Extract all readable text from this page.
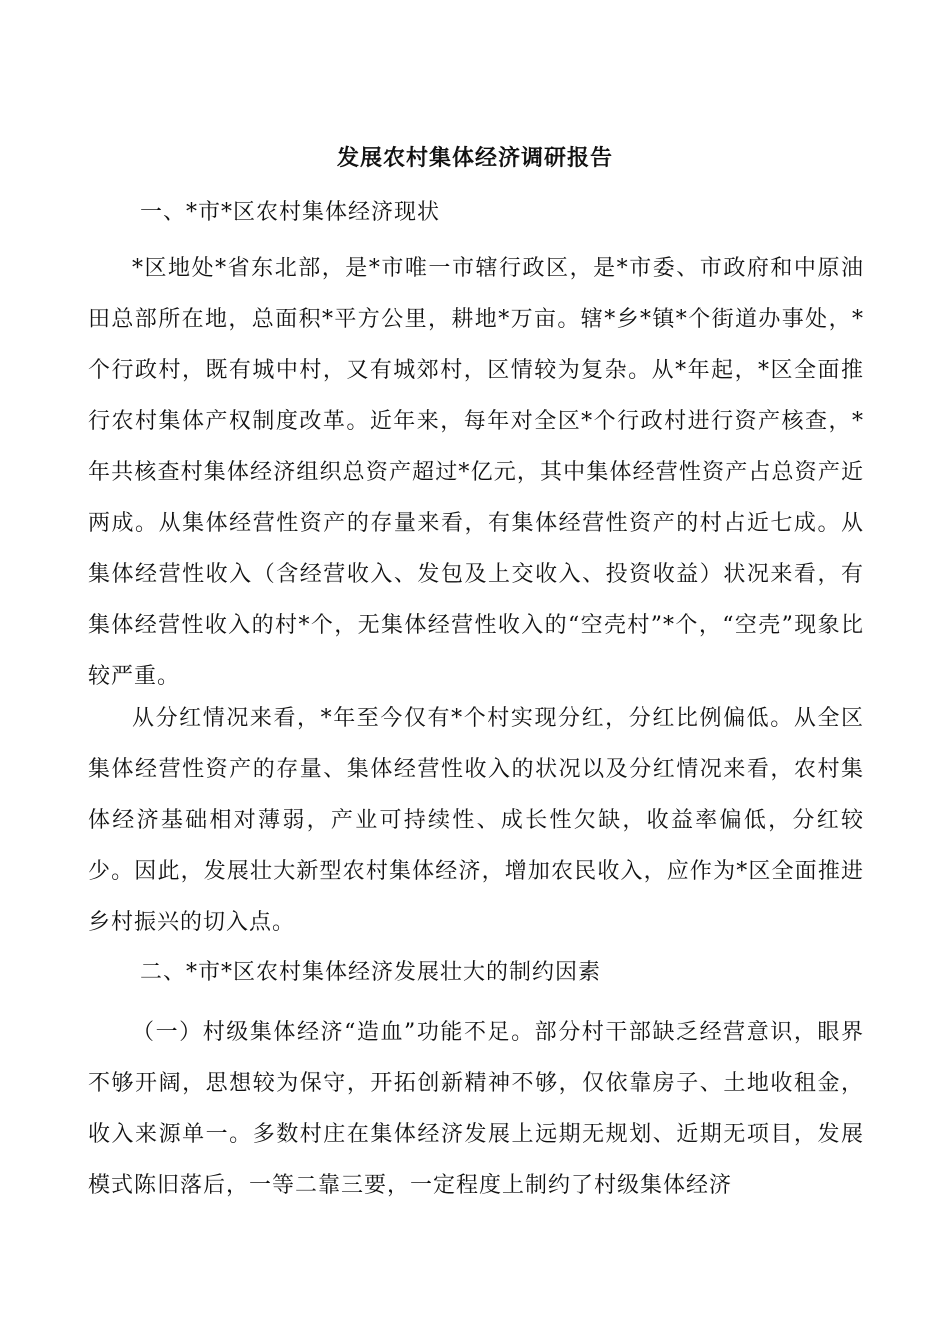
发展农村集体经济调研报告
一、*市*区农村集体经济现状

*区地处*省东北部，是*市唯一市辖行政区，是*市委、市政府和中原油田总部所在地，总面积*平方公里，耕地*万亩。辖*乡*镇*个街道办事处，*个行政村，既有城中村，又有城郊村，区情较为复杂。从*年起，*区全面推行农村集体产权制度改革。近年来，每年对全区*个行政村进行资产核查，*年共核查村集体经济组织总资产超过*亿元，其中集体经营性资产占总资产近两成。从集体经营性资产的存量来看，有集体经营性资产的村占近七成。从集体经营性收入（含经营收入、发包及上交收入、投资收益）状况来看，有集体经营性收入的村*个，无集体经营性收入的“空壳村”*个，“空壳”现象比较严重。

从分红情况来看，*年至今仅有*个村实现分红，分红比例偏低。从全区集体经营性资产的存量、集体经营性收入的状况以及分红情况来看，农村集体经济基础相对薄弱，产业可持续性、成长性欠缺，收益率偏低，分红较少。因此，发展壮大新型农村集体经济，增加农民收入，应作为*区全面推进乡村振兴的切入点。

二、*市*区农村集体经济发展壮大的制约因素

（一）村级集体经济“造血”功能不足。部分村干部缺乏经营意识，眼界不够开阔，思想较为保守，开拓创新精神不够，仅依靠房子、土地收租金，收入来源单一。多数村庄在集体经济发展上远期无规划、近期无项目，发展模式陈旧落后，一等二靠三要，一定程度上制约了村级集体经济
